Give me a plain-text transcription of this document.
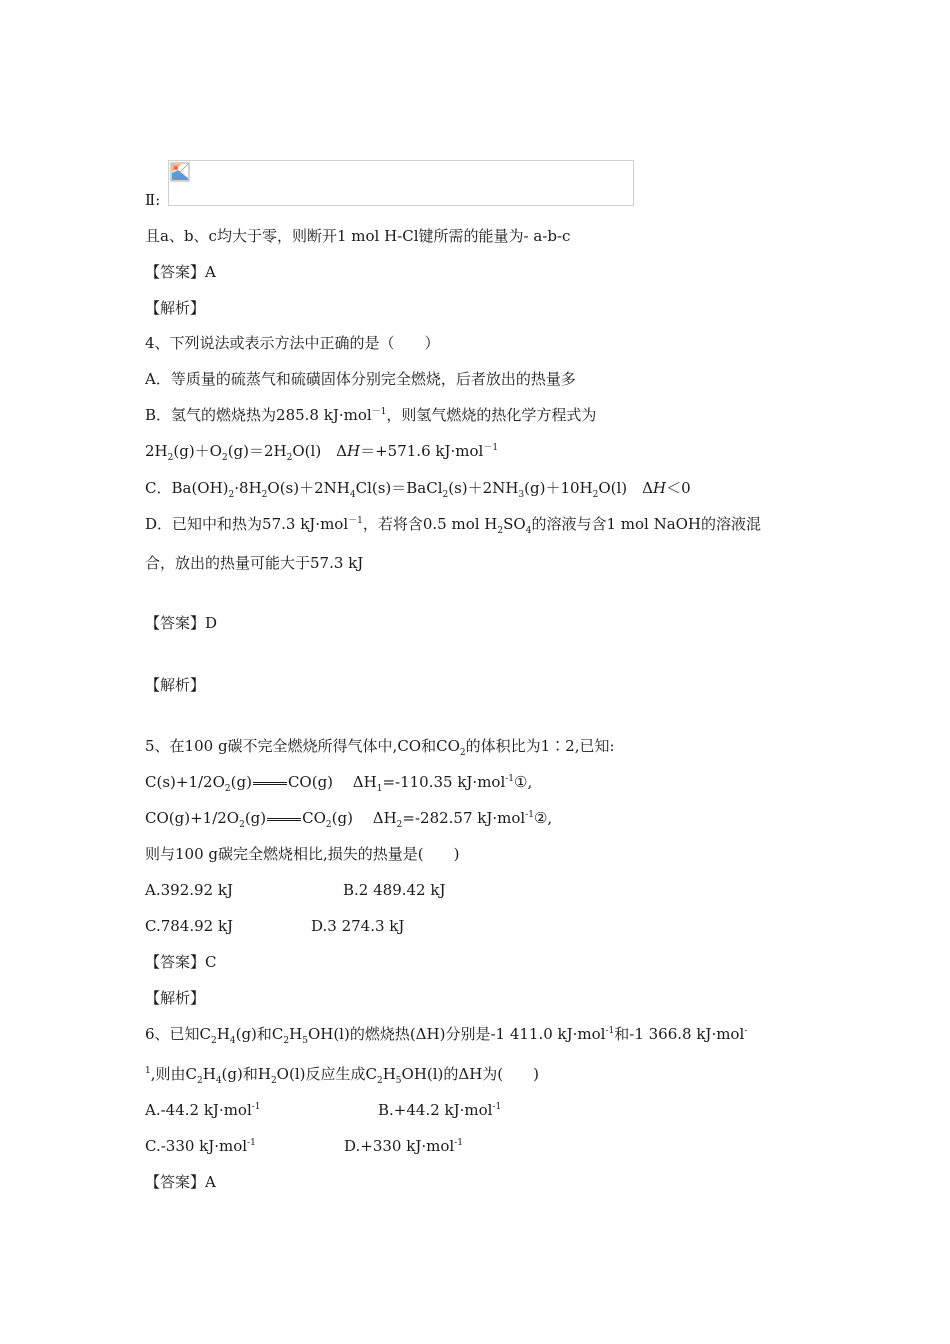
Ⅱ:
且a、b、c均大于零，则断开1 mol H-Cl键所需的能量为- a-b-c
【答案】A
【解析】
4、下列说法或表示方法中正确的是（　　）
A．等质量的硫蒸气和硫磺固体分别完全燃烧，后者放出的热量多
B．氢气的燃烧热为285.8 kJ·mol$^{-1}$，则氢气燃烧的热化学方程式为
$2H_2(g)+O_2(g)=2H_2O(l)$　ΔH＝+571.6 kJ·mol$^{-1}$
C．$Ba(OH)_2\cdot 8H_2O(s)+2NH_4Cl(s)=BaCl_2(s)+2NH_3(g)+10H_2O(l)$　ΔH＜0
D．已知中和热为57.3 kJ·mol$^{-1}$，若将含0.5 mol $H_2SO_4$的溶液与含1 mol NaOH的溶液混
合，放出的热量可能大于57.3 kJ
【答案】D
【解析】
5、在100 g碳不完全燃烧所得气体中,CO和$CO_2$的体积比为1∶2,已知:
$C(s)+1/2O_2(g)$ CO(g)　 $\Delta H_1=-110.35$ kJ·mol$^{-1}$①,
$CO(g)+1/2O_2(g)$ $CO_2(g)$　 $\Delta H_2=-282.57$ kJ·mol$^{-1}$②,
则与100 g碳完全燃烧相比,损失的热量是(　　)
A.392.92 kJ	B.2 489.42 kJ
C.784.92 kJ	D.3 274.3 kJ
【答案】C
【解析】
6、已知$C_2H_4(g)$和$C_2H_5OH(l)$的燃烧热(ΔH)分别是-1 411.0 kJ·mol$^{-1}$和-1 366.8 kJ·mol-
$^1$,则由$C_2H_4(g)$和$H_2O(l)$反应生成$C_2H_5OH(l)$的ΔH为(　　)
A.-44.2 kJ·mol$^{-1}$	B.+44.2 kJ·mol$^{-1}$
C.-330 kJ·mol$^{-1}$	D.+330 kJ·mol$^{-1}$
【答案】A
